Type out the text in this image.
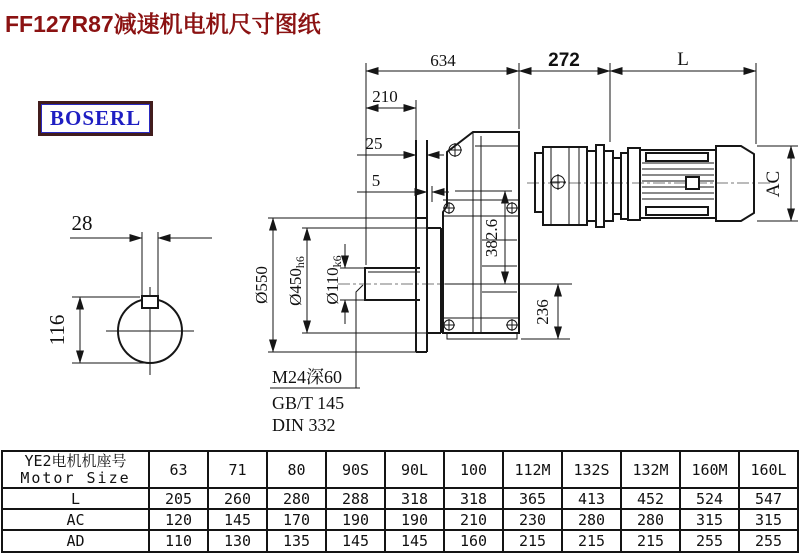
28
116
634	272	L
210
25
5
Ø550 Ø450h6
Ø110k6
382.6
236
AC
M24深60
GB/T 145
DIN 332
FF127R87减速机电机尺寸图纸
BOSERL
YE2电机机座号
Motor Size	63	71	80	90S	90L	100	112M	132S	132M	160M	160L
L	205	260	280	288	318	318	365	413	452	524	547
AC	120	145	170	190	190	210	230	280	280	315	315
AD	110	130	135	145	145	160	215	215	215	255	255
